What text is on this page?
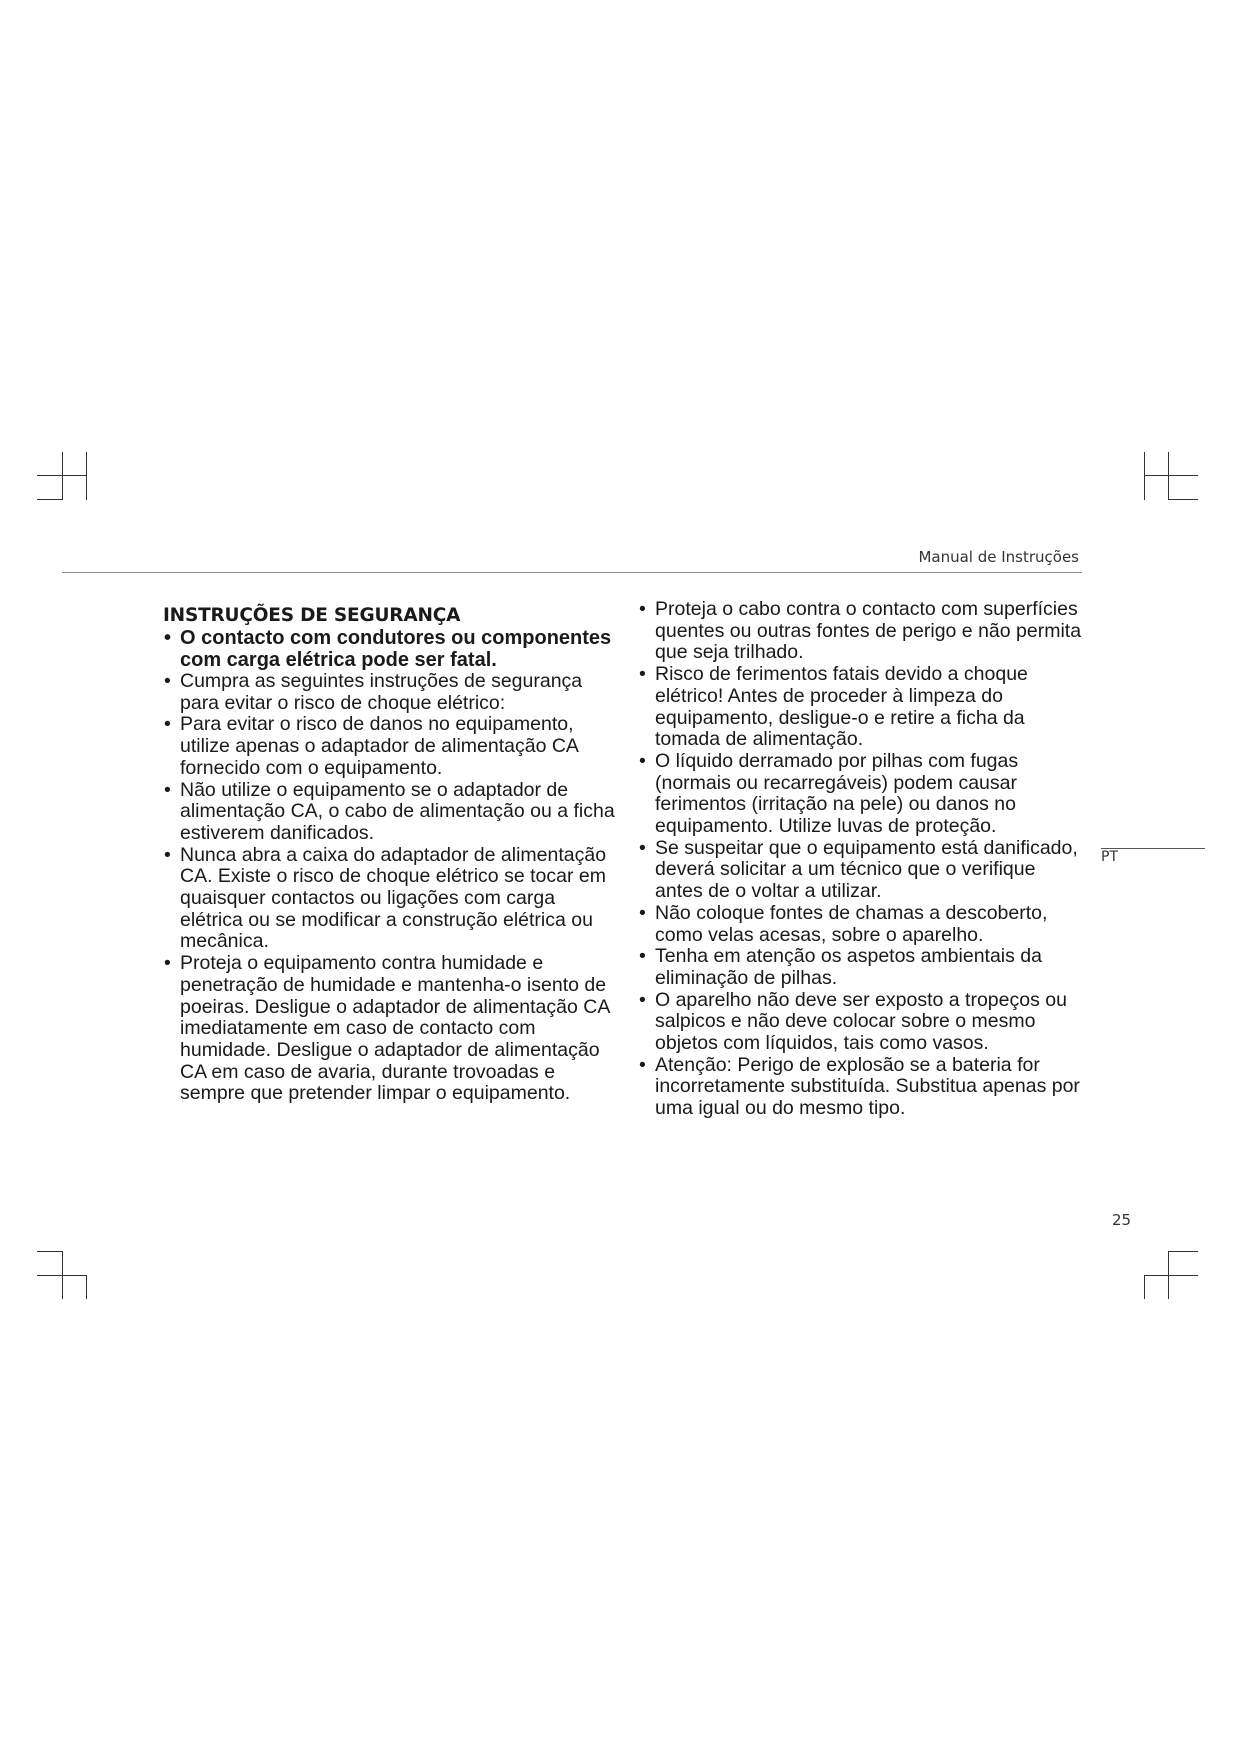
Manual de Instruções
PT
INSTRUÇÕES DE SEGURANÇA
• O contacto com condutores ou componentes com carga elétrica pode ser fatal.
• Cumpra as seguintes instruções de segurança para evitar o risco de choque elétrico:
• Para evitar o risco de danos no equipamento, utilize apenas o adaptador de alimentação CA fornecido com o equipamento.
• Não utilize o equipamento se o adaptador de alimentação CA, o cabo de alimentação ou a ficha estiverem danificados.
• Nunca abra a caixa do adaptador de alimentação CA. Existe o risco de choque elétrico se tocar em quaisquer contactos ou ligações com carga elétrica ou se modificar a construção elétrica ou mecânica.
• Proteja o equipamento contra humidade e penetração de humidade e mantenha-o isento de poeiras. Desligue o adaptador de alimentação CA imediatamente em caso de contacto com humidade. Desligue o adaptador de alimentação CA em caso de avaria, durante trovoadas e sempre que pretender limpar o equipamento.
• Proteja o cabo contra o contacto com superfícies quentes ou outras fontes de perigo e não permita que seja trilhado.
• Risco de ferimentos fatais devido a choque elétrico! Antes de proceder à limpeza do equipamento, desligue-o e retire a ficha da tomada de alimentação.
• O líquido derramado por pilhas com fugas (normais ou recarregáveis) podem causar ferimentos (irritação na pele) ou danos no equipamento. Utilize luvas de proteção.
• Se suspeitar que o equipamento está danificado, deverá solicitar a um técnico que o verifique antes de o voltar a utilizar.
• Não coloque fontes de chamas a descoberto, como velas acesas, sobre o aparelho.
• Tenha em atenção os aspetos ambientais da eliminação de pilhas.
• O aparelho não deve ser exposto a tropeços ou salpicos e não deve colocar sobre o mesmo objetos com líquidos, tais como vasos.
• Atenção: Perigo de explosão se a bateria for incorretamente substituída. Substitua apenas por uma igual ou do mesmo tipo.
25
